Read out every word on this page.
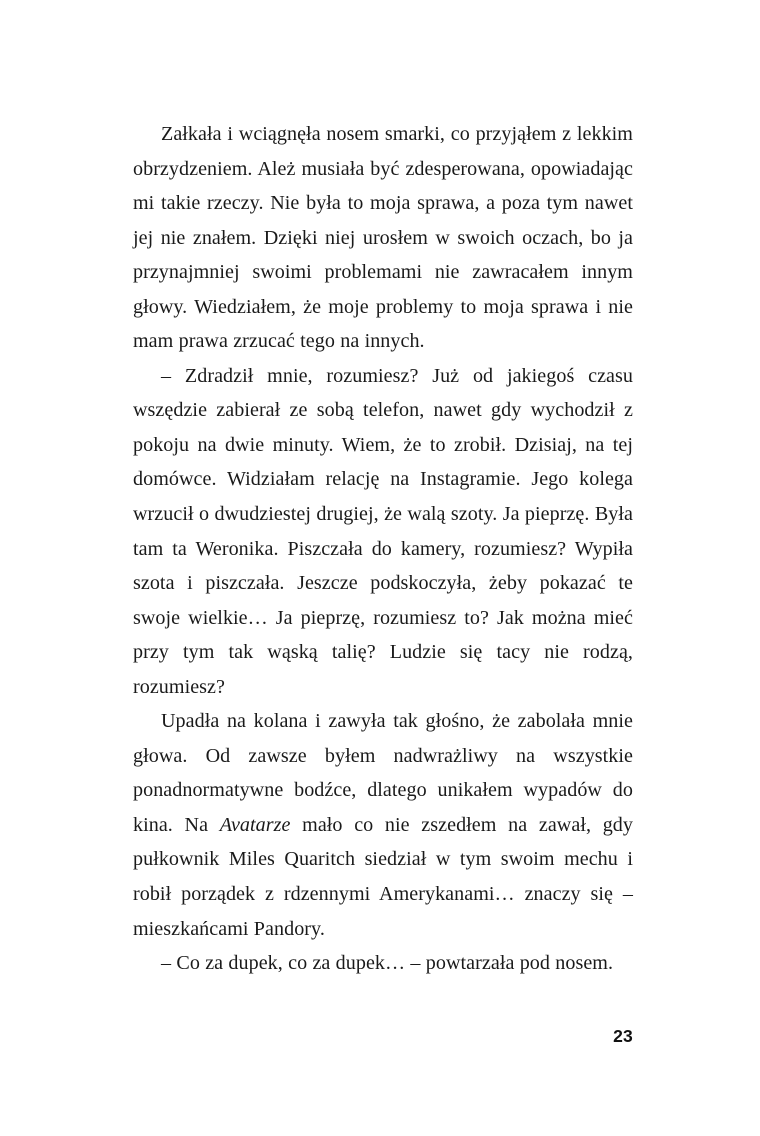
Załkała i wciągnęła nosem smarki, co przyjąłem z lekkim obrzydzeniem. Ależ musiała być zdesperowana, opowiadając mi takie rzeczy. Nie była to moja sprawa, a poza tym nawet jej nie znałem. Dzięki niej urosłem w swoich oczach, bo ja przynajmniej swoimi problemami nie zawracałem innym głowy. Wiedziałem, że moje problemy to moja sprawa i nie mam prawa zrzucać tego na innych.

– Zdradził mnie, rozumiesz? Już od jakiegoś czasu wszędzie zabierał ze sobą telefon, nawet gdy wychodził z pokoju na dwie minuty. Wiem, że to zrobił. Dzisiaj, na tej domówce. Widziałam relację na Instagramie. Jego kolega wrzucił o dwudziestej drugiej, że walą szoty. Ja pieprzę. Była tam ta Weronika. Piszczała do kamery, rozumiesz? Wypiła szota i piszczała. Jeszcze podskoczyła, żeby pokazać te swoje wielkie… Ja pieprzę, rozumiesz to? Jak można mieć przy tym tak wąską talię? Ludzie się tacy nie rodzą, rozumiesz?

Upadła na kolana i zawyła tak głośno, że zabolała mnie głowa. Od zawsze byłem nadwrażliwy na wszystkie ponadnormatywne bodźce, dlatego unikałem wypadów do kina. Na Avatarze mało co nie zszedłem na zawał, gdy pułkownik Miles Quaritch siedział w tym swoim mechu i robił porządek z rdzennymi Amerykanami… znaczy się – mieszkańcami Pandory.

– Co za dupek, co za dupek… – powtarzała pod nosem.

23
